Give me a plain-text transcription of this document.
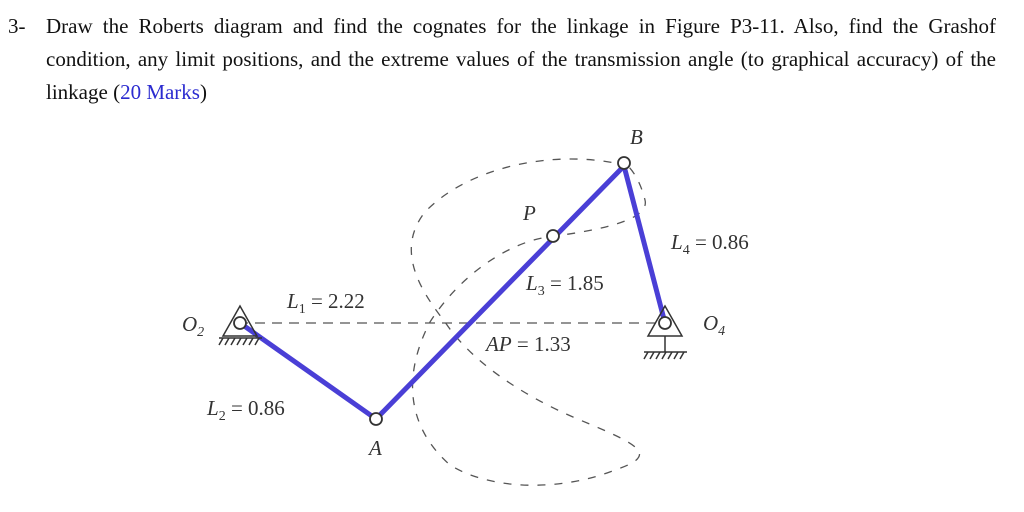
3- Draw the Roberts diagram and find the cognates for the linkage in Figure P3-11. Also, find the Grashof condition, any limit positions, and the extreme values of the transmission angle (to graphical accuracy) of the linkage (20 Marks)
B
P
A
$O_2$	$O_4$
$L_1 = 2.22$
$L_2 = 0.86$
$L_3 = 1.85$
$L_4 = 0.86$
AP = 1.33
